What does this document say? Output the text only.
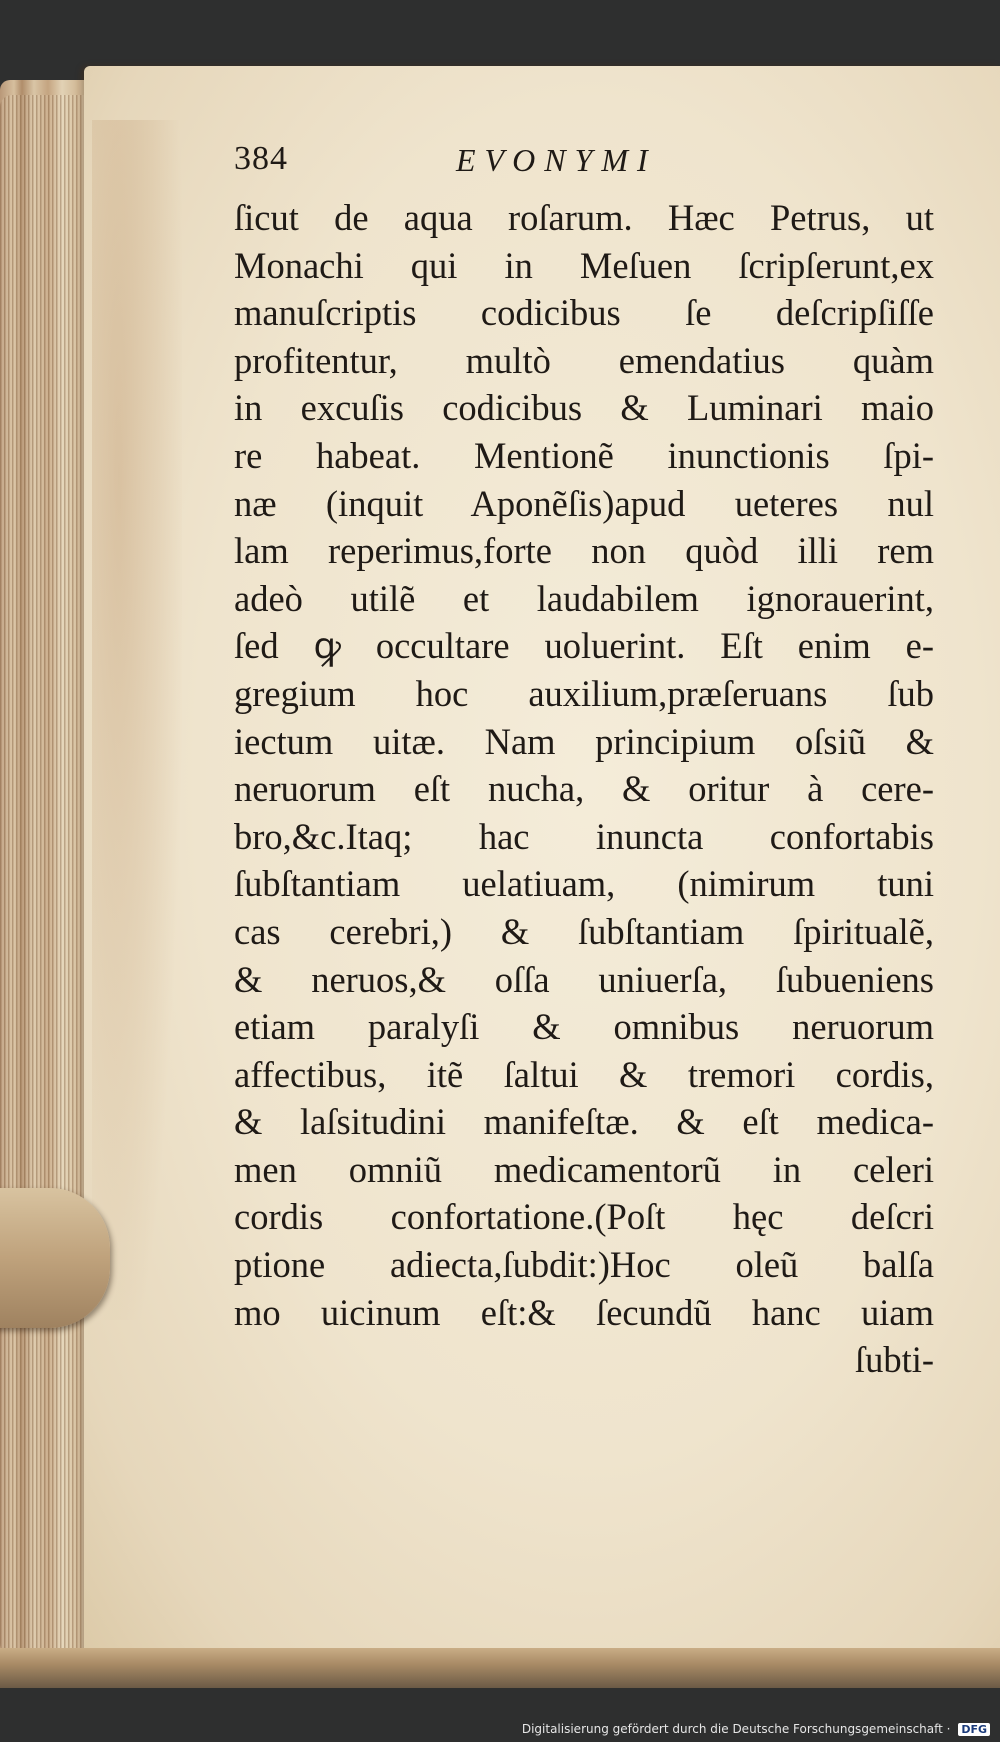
384	EVONYMI
ſicut de aqua roſarum. Hæc Petrus, ut
Monachi qui in Meſuen ſcripſerunt,ex
manuſcriptis codicibus ſe deſcripſiſſe
profitentur, multò emendatius quàm
in excuſis codicibus & Luminari maio
re habeat. Mentionẽ inunctionis ſpi-
næ (inquit Aponẽſis)apud ueteres nul
lam reperimus,forte non quòd illi rem
adeò utilẽ et laudabilem ignorauerint,
ſed ꝙ occultare uoluerint. Eſt enim e-
gregium hoc auxilium,præſeruans ſub
iectum uitæ. Nam principium oſsiũ &
neruorum eſt nucha, & oritur à cere-
bro,&c.Itaq; hac inuncta confortabis
ſubſtantiam uelatiuam, (nimirum tuni
cas cerebri,) & ſubſtantiam ſpiritualẽ,
& neruos,& oſſa uniuerſa, ſubueniens
etiam paralyſi & omnibus neruorum
affectibus, itẽ ſaltui & tremori cordis,
& laſsitudini manifeſtæ. & eſt medica-
men omniũ medicamentorũ in celeri
cordis confortatione.(Poſt hęc deſcri
ptione adiecta,ſubdit:)Hoc oleũ balſa
mo uicinum eſt:& ſecundũ hanc uiam
ſubti-
Digitalisierung gefördert durch die Deutsche Forschungsgemeinschaft · DFG
